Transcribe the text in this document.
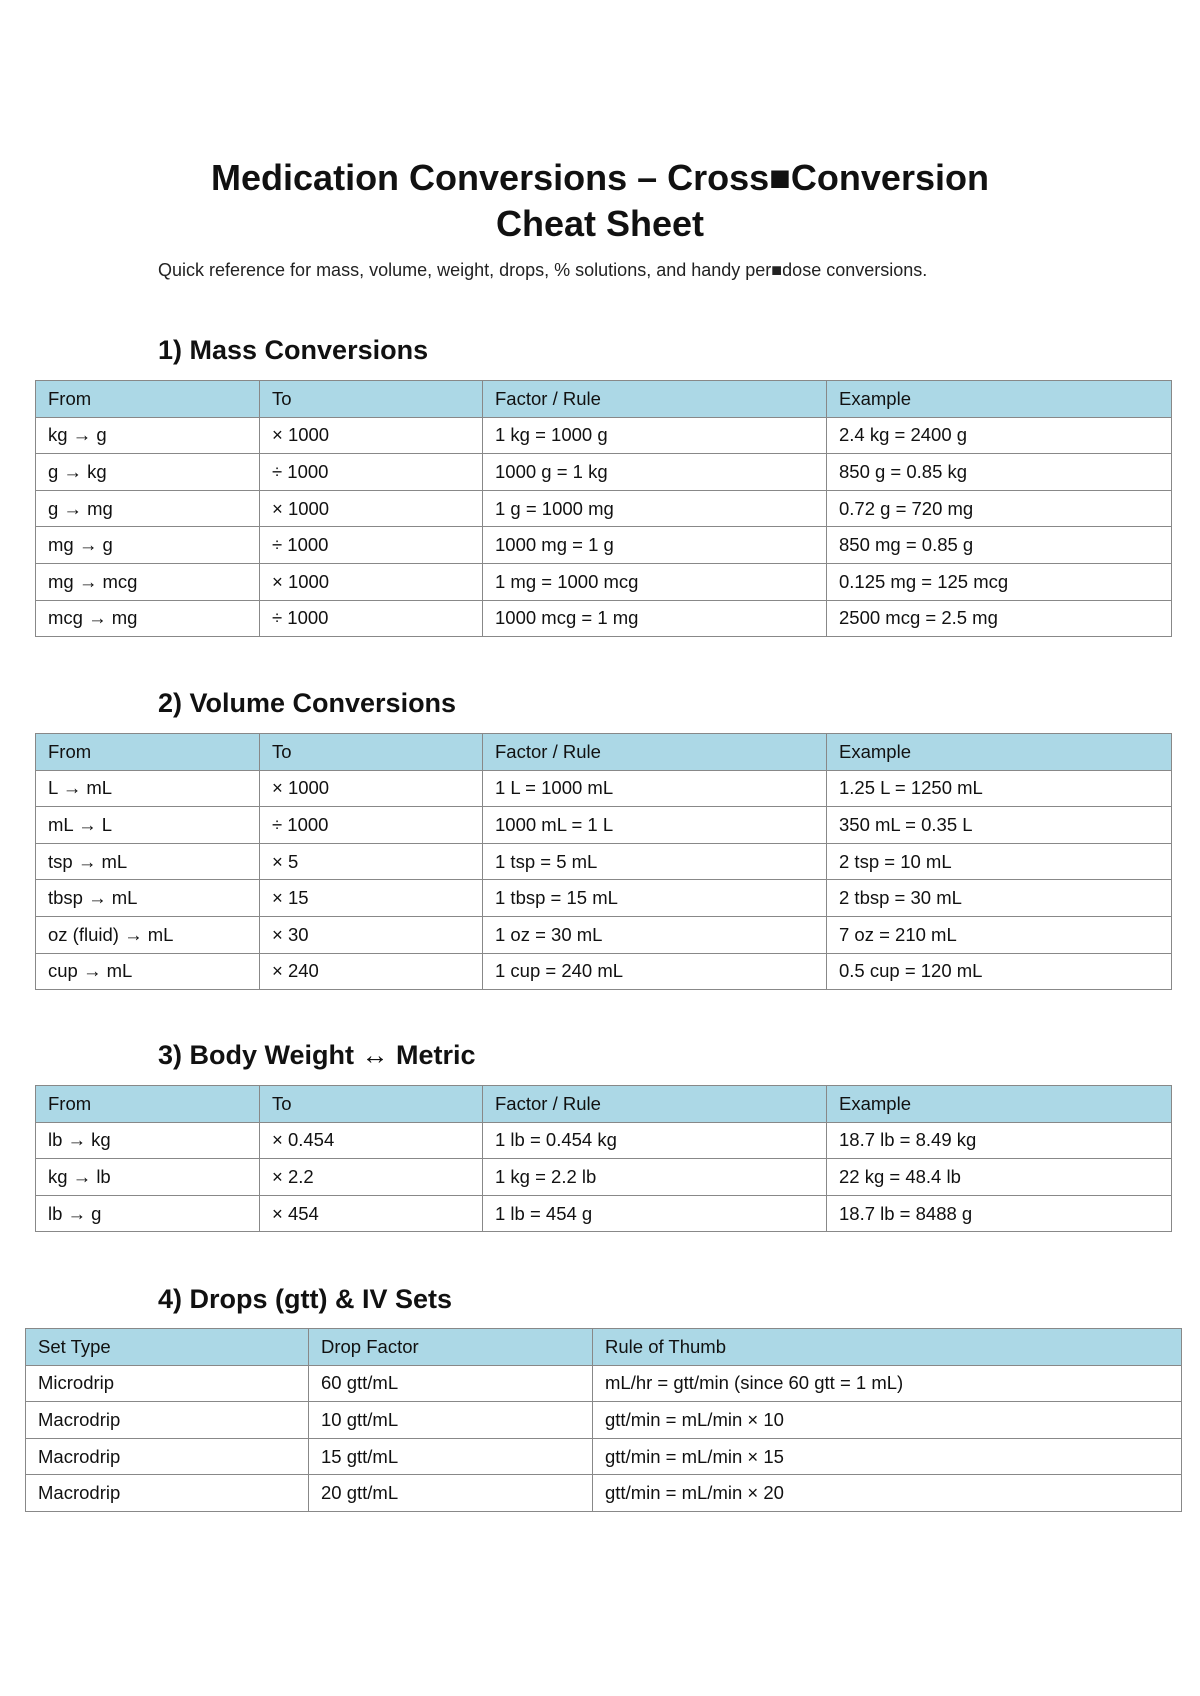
Medication Conversions – Cross■Conversion
Cheat Sheet

Quick reference for mass, volume, weight, drops, % solutions, and handy per■dose conversions.

1) Mass Conversions
From	To	Factor / Rule	Example
kg → g	× 1000	1 kg = 1000 g	2.4 kg = 2400 g
g → kg	÷ 1000	1000 g = 1 kg	850 g = 0.85 kg
g → mg	× 1000	1 g = 1000 mg	0.72 g = 720 mg
mg → g	÷ 1000	1000 mg = 1 g	850 mg = 0.85 g
mg → mcg	× 1000	1 mg = 1000 mcg	0.125 mg = 125 mcg
mcg → mg	÷ 1000	1000 mcg = 1 mg	2500 mcg = 2.5 mg
2) Volume Conversions
From	To	Factor / Rule	Example
L → mL	× 1000	1 L = 1000 mL	1.25 L = 1250 mL
mL → L	÷ 1000	1000 mL = 1 L	350 mL = 0.35 L
tsp → mL	× 5	1 tsp = 5 mL	2 tsp = 10 mL
tbsp → mL	× 15	1 tbsp = 15 mL	2 tbsp = 30 mL
oz (fluid) → mL	× 30	1 oz = 30 mL	7 oz = 210 mL
cup → mL	× 240	1 cup = 240 mL	0.5 cup = 120 mL
3) Body Weight ↔ Metric
From	To	Factor / Rule	Example
lb → kg	× 0.454	1 lb = 0.454 kg	18.7 lb = 8.49 kg
kg → lb	× 2.2	1 kg = 2.2 lb	22 kg = 48.4 lb
lb → g	× 454	1 lb = 454 g	18.7 lb = 8488 g
4) Drops (gtt) & IV Sets
Set Type	Drop Factor	Rule of Thumb
Microdrip	60 gtt/mL	mL/hr = gtt/min (since 60 gtt = 1 mL)
Macrodrip	10 gtt/mL	gtt/min = mL/min × 10
Macrodrip	15 gtt/mL	gtt/min = mL/min × 15
Macrodrip	20 gtt/mL	gtt/min = mL/min × 20
